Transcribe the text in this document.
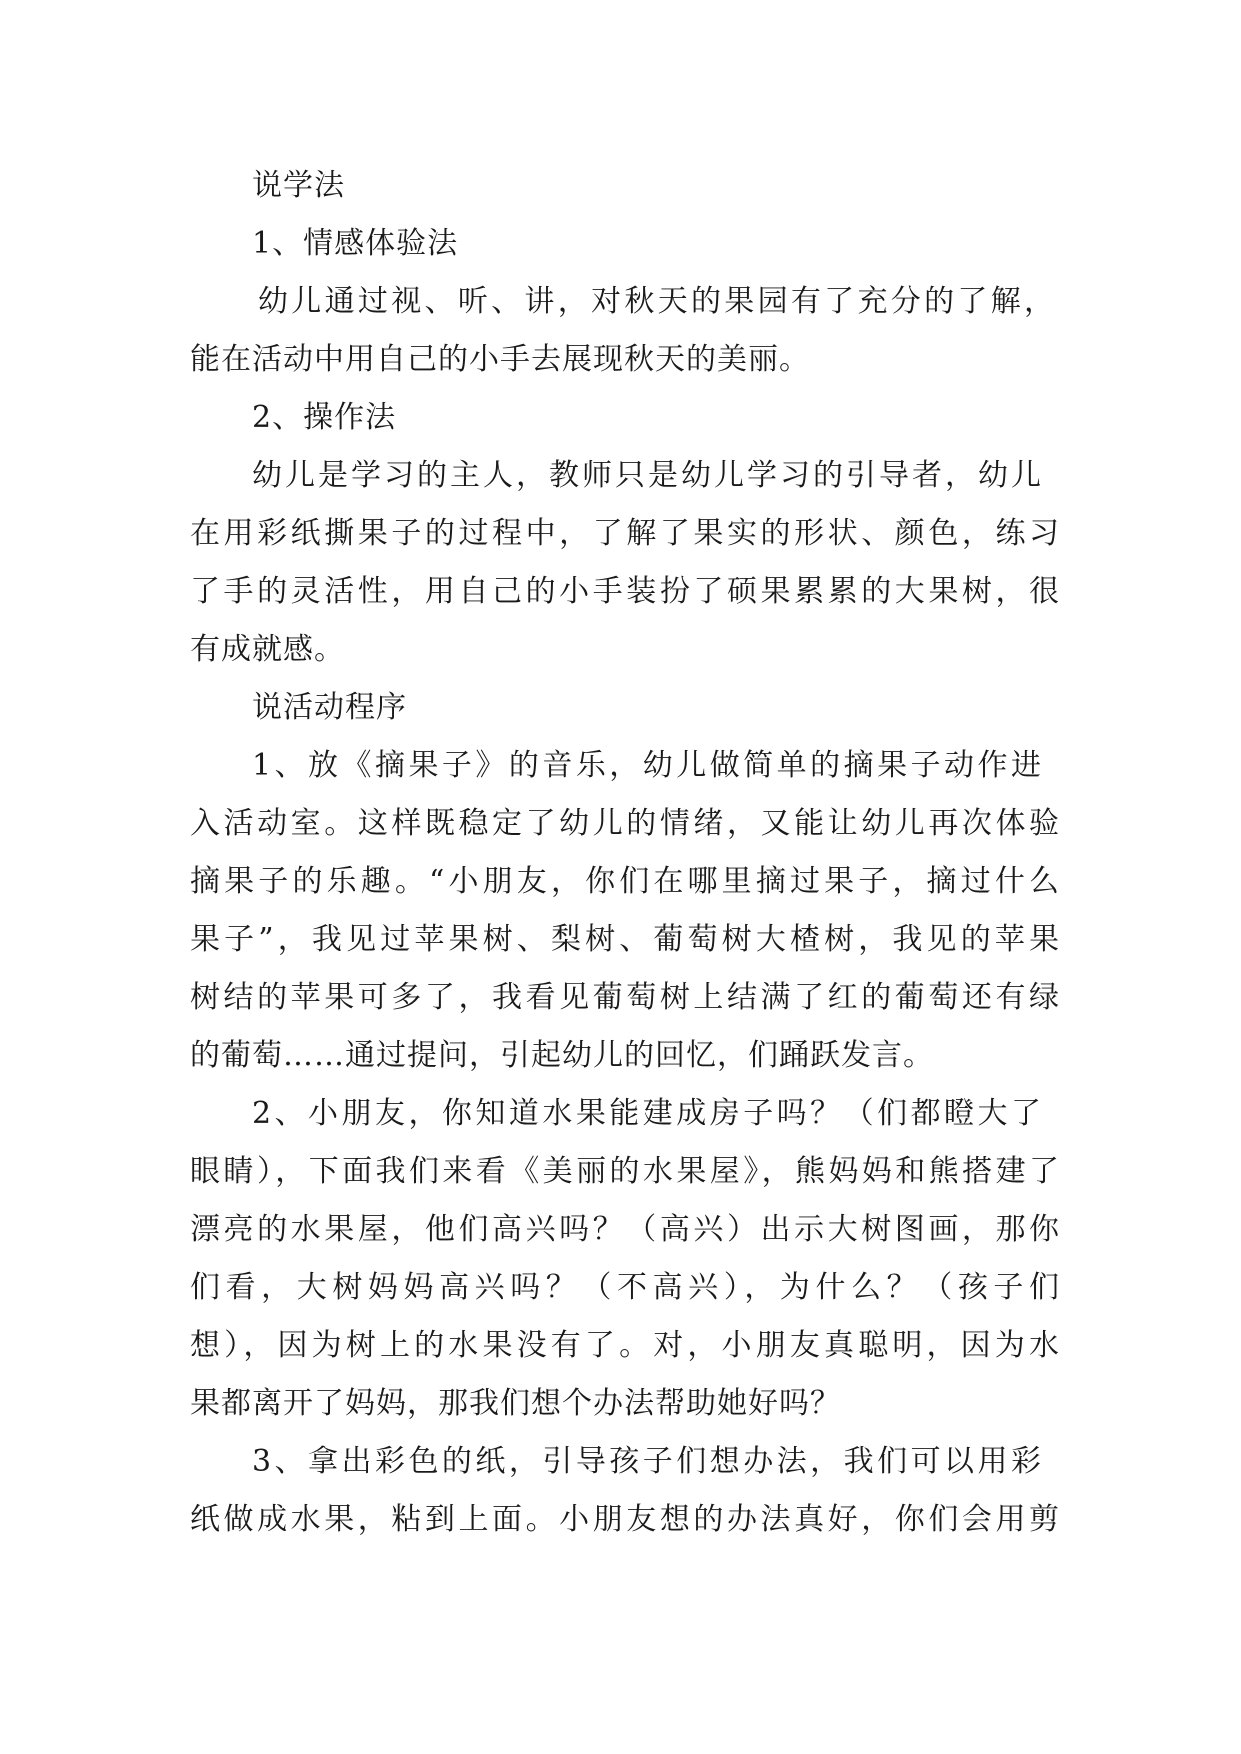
说学法
1、情感体验法
幼儿通过视、听、讲，对秋天的果园有了充分的了解，
能在活动中用自己的小手去展现秋天的美丽。
2、操作法
幼儿是学习的主人，教师只是幼儿学习的引导者，幼儿
在用彩纸撕果子的过程中，了解了果实的形状、颜色，练习
了手的灵活性，用自己的小手装扮了硕果累累的大果树，很
有成就感。
说活动程序
1、放《摘果子》的音乐，幼儿做简单的摘果子动作进
入活动室。这样既稳定了幼儿的情绪，又能让幼儿再次体验
摘果子的乐趣。“小朋友，你们在哪里摘过果子，摘过什么
果子”，我见过苹果树、梨树、葡萄树大楂树，我见的苹果
树结的苹果可多了，我看见葡萄树上结满了红的葡萄还有绿
的葡萄……通过提问，引起幼儿的回忆，们踊跃发言。
2、小朋友，你知道水果能建成房子吗？（们都瞪大了
眼睛），下面我们来看《美丽的水果屋》，熊妈妈和熊搭建了
漂亮的水果屋，他们高兴吗？（高兴）出示大树图画，那你
们看，大树妈妈高兴吗？（不高兴），为什么？（孩子们
想），因为树上的水果没有了。对，小朋友真聪明，因为水
果都离开了妈妈，那我们想个办法帮助她好吗？
3、拿出彩色的纸，引导孩子们想办法，我们可以用彩
纸做成水果，粘到上面。小朋友想的办法真好，你们会用剪
